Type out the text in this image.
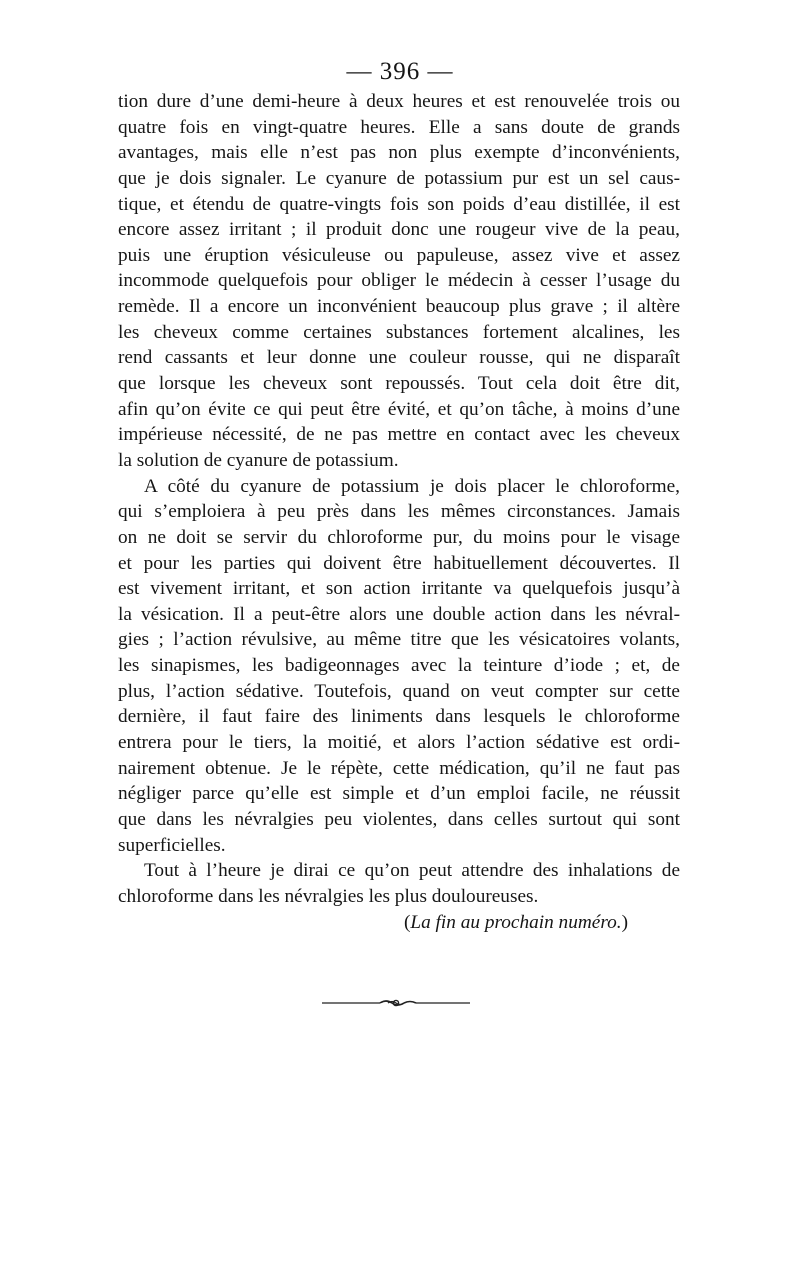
— 396 —
tion dure d’une demi-heure à deux heures et est renouvelée trois ou
quatre fois en vingt-quatre heures. Elle a sans doute de grands
avantages, mais elle n’est pas non plus exempte d’inconvénients,
que je dois signaler. Le cyanure de potassium pur est un sel caus-
tique, et étendu de quatre-vingts fois son poids d’eau distillée, il est
encore assez irritant ; il produit donc une rougeur vive de la peau,
puis une éruption vésiculeuse ou papuleuse, assez vive et assez
incommode quelquefois pour obliger le médecin à cesser l’usage du
remède. Il a encore un inconvénient beaucoup plus grave ; il altère
les cheveux comme certaines substances fortement alcalines, les
rend cassants et leur donne une couleur rousse, qui ne disparaît
que lorsque les cheveux sont repoussés. Tout cela doit être dit,
afin qu’on évite ce qui peut être évité, et qu’on tâche, à moins d’une
impérieuse nécessité, de ne pas mettre en contact avec les cheveux
la solution de cyanure de potassium.
A côté du cyanure de potassium je dois placer le chloroforme,
qui s’emploiera à peu près dans les mêmes circonstances. Jamais
on ne doit se servir du chloroforme pur, du moins pour le visage
et pour les parties qui doivent être habituellement découvertes. Il
est vivement irritant, et son action irritante va quelquefois jusqu’à
la vésication. Il a peut-être alors une double action dans les névral-
gies ; l’action révulsive, au même titre que les vésicatoires volants,
les sinapismes, les badigeonnages avec la teinture d’iode ; et, de
plus, l’action sédative. Toutefois, quand on veut compter sur cette
dernière, il faut faire des liniments dans lesquels le chloroforme
entrera pour le tiers, la moitié, et alors l’action sédative est ordi-
nairement obtenue. Je le répète, cette médication, qu’il ne faut pas
négliger parce qu’elle est simple et d’un emploi facile, ne réussit
que dans les névralgies peu violentes, dans celles surtout qui sont
superficielles.
Tout à l’heure je dirai ce qu’on peut attendre des inhalations de
chloroforme dans les névralgies les plus douloureuses.
(La fin au prochain numéro.)
